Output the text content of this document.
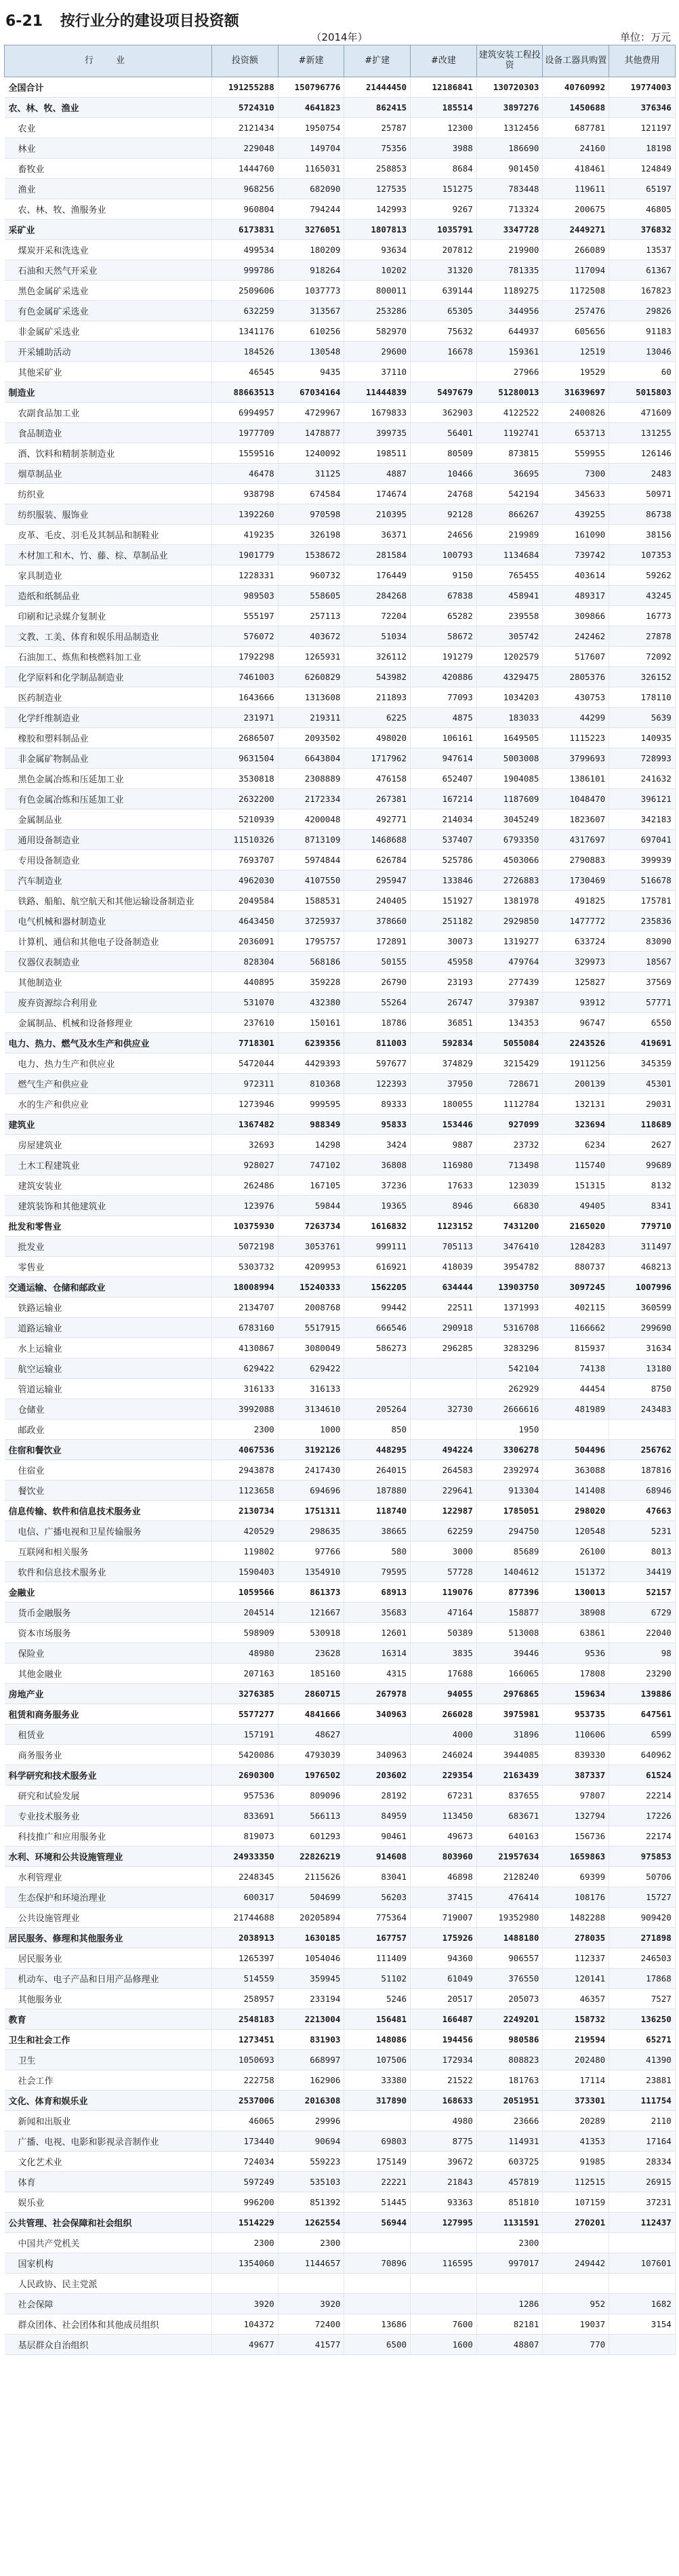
6-21 按行业分的建设项目投资额
（2014年）	单位：万元
行　业	投资额	#新建	#扩建	#改建	建筑安装工程投资	设备工器具购置	其他费用
全国合计	191255288	150796776	21444450	12186841	130720303	40760992	19774003
农、林、牧、渔业	5724310	4641823	862415	185514	3897276	1450688	376346
农业	2121434	1950754	25787	12300	1312456	687781	121197
林业	229048	149704	75356	3988	186690	24160	18198
畜牧业	1444760	1165031	258853	8684	901450	418461	124849
渔业	968256	682090	127535	151275	783448	119611	65197
农、林、牧、渔服务业	960804	794244	142993	9267	713324	200675	46805
采矿业	6173831	3276051	1807813	1035791	3347728	2449271	376832
煤炭开采和洗选业	499534	180209	93634	207812	219900	266089	13537
石油和天然气开采业	999786	918264	10202	31320	781335	117094	61367
黑色金属矿采选业	2509606	1037773	800011	639144	1189275	1172508	167823
有色金属矿采选业	632259	313567	253286	65305	344956	257476	29826
非金属矿采选业	1341176	610256	582970	75632	644937	605656	91183
开采辅助活动	184526	130548	29600	16678	159361	12519	13046
其他采矿业	46545	9435	37110		27966	19529	60
制造业	88663513	67034164	11444839	5497679	51280013	31639697	5015803
农副食品加工业	6994957	4729967	1679833	362903	4122522	2400826	471609
食品制造业	1977709	1478877	399735	56401	1192741	653713	131255
酒、饮料和精制茶制造业	1559516	1240092	198511	80509	873815	559955	126146
烟草制品业	46478	31125	4887	10466	36695	7300	2483
纺织业	938798	674584	174674	24768	542194	345633	50971
纺织服装、服饰业	1392260	970598	210395	92128	866267	439255	86738
皮革、毛皮、羽毛及其制品和制鞋业	419235	326198	36371	24656	219989	161090	38156
木材加工和木、竹、藤、棕、草制品业	1901779	1538672	281584	100793	1134684	739742	107353
家具制造业	1228331	960732	176449	9150	765455	403614	59262
造纸和纸制品业	989503	558605	284268	67838	458941	489317	43245
印刷和记录媒介复制业	555197	257113	72204	65282	239558	309866	16773
文教、工美、体育和娱乐用品制造业	576072	403672	51034	58672	305742	242462	27878
石油加工、炼焦和核燃料加工业	1792298	1265931	326112	191279	1202579	517607	72092
化学原料和化学制品制造业	7461003	6260829	543982	420886	4329475	2805376	326152
医药制造业	1643666	1313608	211893	77093	1034203	430753	178110
化学纤维制造业	231971	219311	6225	4875	183033	44299	5639
橡胶和塑料制品业	2686507	2093502	498020	106161	1649505	1115223	140935
非金属矿物制品业	9631504	6643804	1717962	947614	5003008	3799693	728993
黑色金属冶炼和压延加工业	3530818	2308889	476158	652407	1904085	1386101	241632
有色金属冶炼和压延加工业	2632200	2172334	267381	167214	1187609	1048470	396121
金属制品业	5210939	4200048	492771	214034	3045249	1823607	342183
通用设备制造业	11510326	8713109	1468688	537407	6793350	4317697	697041
专用设备制造业	7693707	5974844	626784	525786	4503066	2790883	399939
汽车制造业	4962030	4107550	295947	133846	2726883	1730469	516678
铁路、船舶、航空航天和其他运输设备制造业	2049584	1588531	240405	151927	1381978	491825	175781
电气机械和器材制造业	4643450	3725937	378660	251182	2929850	1477772	235836
计算机、通信和其他电子设备制造业	2036091	1795757	172891	30073	1319277	633724	83090
仪器仪表制造业	828304	568186	50155	45958	479764	329973	18567
其他制造业	440895	359228	26790	23193	277439	125827	37569
废弃资源综合利用业	531070	432380	55264	26747	379387	93912	57771
金属制品、机械和设备修理业	237610	150161	18786	36851	134353	96747	6550
电力、热力、燃气及水生产和供应业	7718301	6239356	811003	592834	5055084	2243526	419691
电力、热力生产和供应业	5472044	4429393	597677	374829	3215429	1911256	345359
燃气生产和供应业	972311	810368	122393	37950	728671	200139	45301
水的生产和供应业	1273946	999595	89333	180055	1112784	132131	29031
建筑业	1367482	988349	95833	153446	927099	323694	118689
房屋建筑业	32693	14298	3424	9887	23732	6234	2627
土木工程建筑业	928027	747102	36808	116980	713498	115740	99689
建筑安装业	262486	167105	37236	17633	123039	151315	8132
建筑装饰和其他建筑业	123976	59844	19365	8946	66830	49405	8341
批发和零售业	10375930	7263734	1616832	1123152	7431200	2165020	779710
批发业	5072198	3053761	999111	705113	3476410	1284283	311497
零售业	5303732	4209953	616921	418039	3954782	880737	468213
交通运输、仓储和邮政业	18008994	15240333	1562205	634444	13903750	3097245	1007996
铁路运输业	2134707	2008768	99442	22511	1371993	402115	360599
道路运输业	6783160	5517915	666546	290918	5316708	1166662	299690
水上运输业	4130867	3080049	586273	296285	3283296	815937	31634
航空运输业	629422	629422			542104	74138	13180
管道运输业	316133	316133			262929	44454	8750
仓储业	3992088	3134610	205264	32730	2666616	481989	243483
邮政业	2300	1000	850		1950		
住宿和餐饮业	4067536	3192126	448295	494224	3306278	504496	256762
住宿业	2943878	2417430	264015	264583	2392974	363088	187816
餐饮业	1123658	694696	187880	229641	913304	141408	68946
信息传输、软件和信息技术服务业	2130734	1751311	118740	122987	1785051	298020	47663
电信、广播电视和卫星传输服务	420529	298635	38665	62259	294750	120548	5231
互联网和相关服务	119802	97766	580	3000	85689	26100	8013
软件和信息技术服务业	1590403	1354910	79595	57728	1404612	151372	34419
金融业	1059566	861373	68913	119076	877396	130013	52157
货币金融服务	204514	121667	35683	47164	158877	38908	6729
资本市场服务	598909	530918	12601	50389	513008	63861	22040
保险业	48980	23628	16314	3835	39446	9536	98
其他金融业	207163	185160	4315	17688	166065	17808	23290
房地产业	3276385	2860715	267978	94055	2976865	159634	139886
租赁和商务服务业	5577277	4841666	340963	266028	3975981	953735	647561
租赁业	157191	48627		4000	31896	110606	6599
商务服务业	5420086	4793039	340963	246024	3944085	839330	640962
科学研究和技术服务业	2690300	1976502	203602	229354	2163439	387337	61524
研究和试验发展	957536	809096	28192	67231	837655	97807	22214
专业技术服务业	833691	566113	84959	113450	683671	132794	17226
科技推广和应用服务业	819073	601293	90461	49673	640163	156736	22174
水利、环境和公共设施管理业	24933350	22826219	914608	803960	21957634	1659863	975853
水利管理业	2248345	2115626	83041	46898	2128240	69399	50706
生态保护和环境治理业	600317	504699	56203	37415	476414	108176	15727
公共设施管理业	21744688	20205894	775364	719007	19352980	1482288	909420
居民服务、修理和其他服务业	2038913	1630185	167757	175926	1488180	278035	271898
居民服务业	1265397	1054046	111409	94360	906557	112337	246503
机动车、电子产品和日用产品修理业	514559	359945	51102	61049	376550	120141	17868
其他服务业	258957	233194	5246	20517	205073	46357	7527
教育	2548183	2213004	156481	166487	2249201	158732	136250
卫生和社会工作	1273451	831903	148086	194456	980586	219594	65271
卫生	1050693	668997	107506	172934	808823	202480	41390
社会工作	222758	162906	33380	21522	181763	17114	23881
文化、体育和娱乐业	2537006	2016308	317890	168633	2051951	373301	111754
新闻和出版业	46065	29996		4980	23666	20289	2110
广播、电视、电影和影视录音制作业	173440	90694	69803	8775	114931	41353	17164
文化艺术业	724034	559223	175149	39672	603725	91985	28334
体育	597249	535103	22221	21843	457819	112515	26915
娱乐业	996200	851392	51445	93363	851810	107159	37231
公共管理、社会保障和社会组织	1514229	1262554	56944	127995	1131591	270201	112437
中国共产党机关	2300	2300			2300		
国家机构	1354060	1144657	70896	116595	997017	249442	107601
人民政协、民主党派							
社会保障	3920	3920			1286	952	1682
群众团体、社会团体和其他成员组织	104372	72400	13686	7600	82181	19037	3154
基层群众自治组织	49677	41577	6500	1600	48807	770	
